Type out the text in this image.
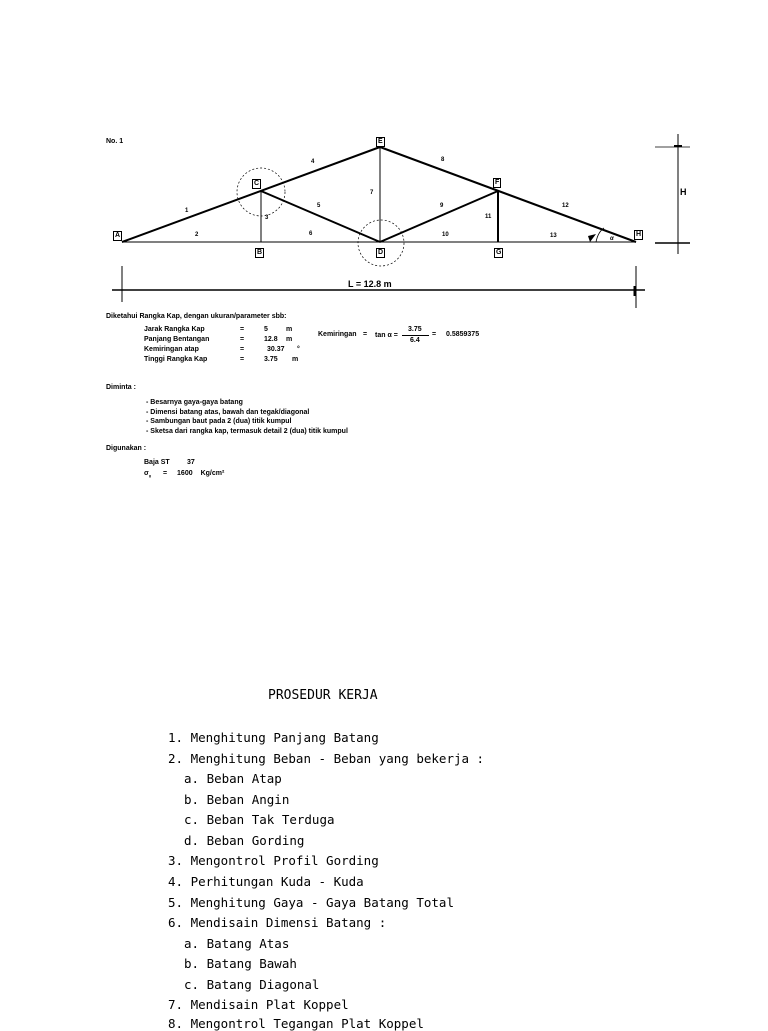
No. 1
A
B
C
D
E
F
G
H
1
2
3
4
5
6
7
8
9
10
11
12
13	α
H
L = 12.8 m
Diketahui Rangka Kap, dengan ukuran/parameter sbb:
Jarak Rangka Kap	=	5	m
Panjang Bentangan	=	12.8 m
Kemiringan atap	=	30.37 °
Tinggi Rangka Kap	=	3.75 m
Kemiringan = tan α =
3.75
6.4
= 0.5859375
Diminta :
- Besarnya gaya-gaya batang
- Dimensi batang atas, bawah dan tegak/diagonal
- Sambungan baut pada 2 (dua) titik kumpul
- Sketsa dari rangka kap, termasuk detail 2 (dua) titik kumpul
Digunakan :
Baja ST 37
$\sigma_{II} = 1600$ Kg/cm²
PROSEDUR KERJA
1. Menghitung Panjang Batang
2. Menghitung Beban - Beban yang bekerja :
a. Beban Atap
b. Beban Angin
c. Beban Tak Terduga
d. Beban Gording
3. Mengontrol Profil Gording
4. Perhitungan Kuda - Kuda
5. Menghitung Gaya - Gaya Batang Total
6. Mendisain Dimensi Batang :
a. Batang Atas
b. Batang Bawah
c. Batang Diagonal
7. Mendisain Plat Koppel
8. Mengontrol Tegangan Plat Koppel
